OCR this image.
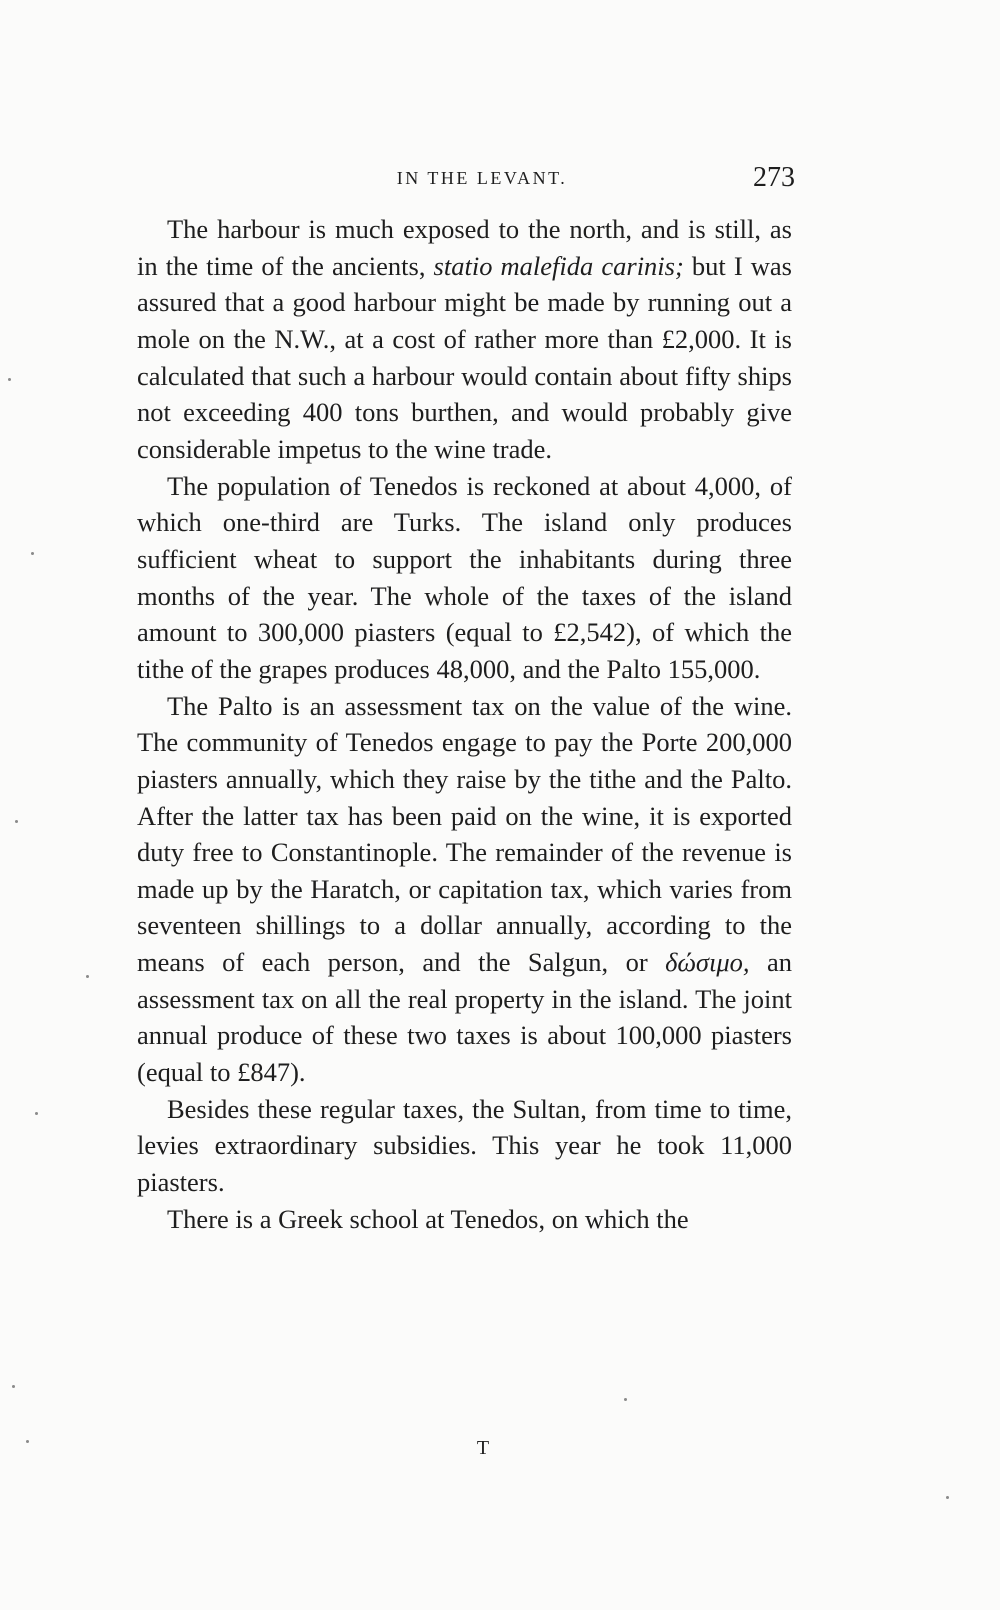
IN THE LEVANT.	273

The harbour is much exposed to the north, and is still, as in the time of the ancients, statio malefida carinis; but I was assured that a good harbour might be made by running out a mole on the N.W., at a cost of rather more than £2,000. It is calculated that such a harbour would contain about fifty ships not exceeding 400 tons burthen, and would probably give considerable impetus to the wine trade.

The population of Tenedos is reckoned at about 4,000, of which one-third are Turks. The island only produces sufficient wheat to support the inhabitants during three months of the year. The whole of the taxes of the island amount to 300,000 piasters (equal to £2,542), of which the tithe of the grapes produces 48,000, and the Palto 155,000.

The Palto is an assessment tax on the value of the wine. The community of Tenedos engage to pay the Porte 200,000 piasters annually, which they raise by the tithe and the Palto. After the latter tax has been paid on the wine, it is exported duty free to Constantinople. The remainder of the revenue is made up by the Haratch, or capitation tax, which varies from seventeen shillings to a dollar annually, according to the means of each person, and the Salgun, or δώσιμο, an assessment tax on all the real property in the island. The joint annual produce of these two taxes is about 100,000 piasters (equal to £847).

Besides these regular taxes, the Sultan, from time to time, levies extraordinary subsidies. This year he took 11,000 piasters.

There is a Greek school at Tenedos, on which the

T
